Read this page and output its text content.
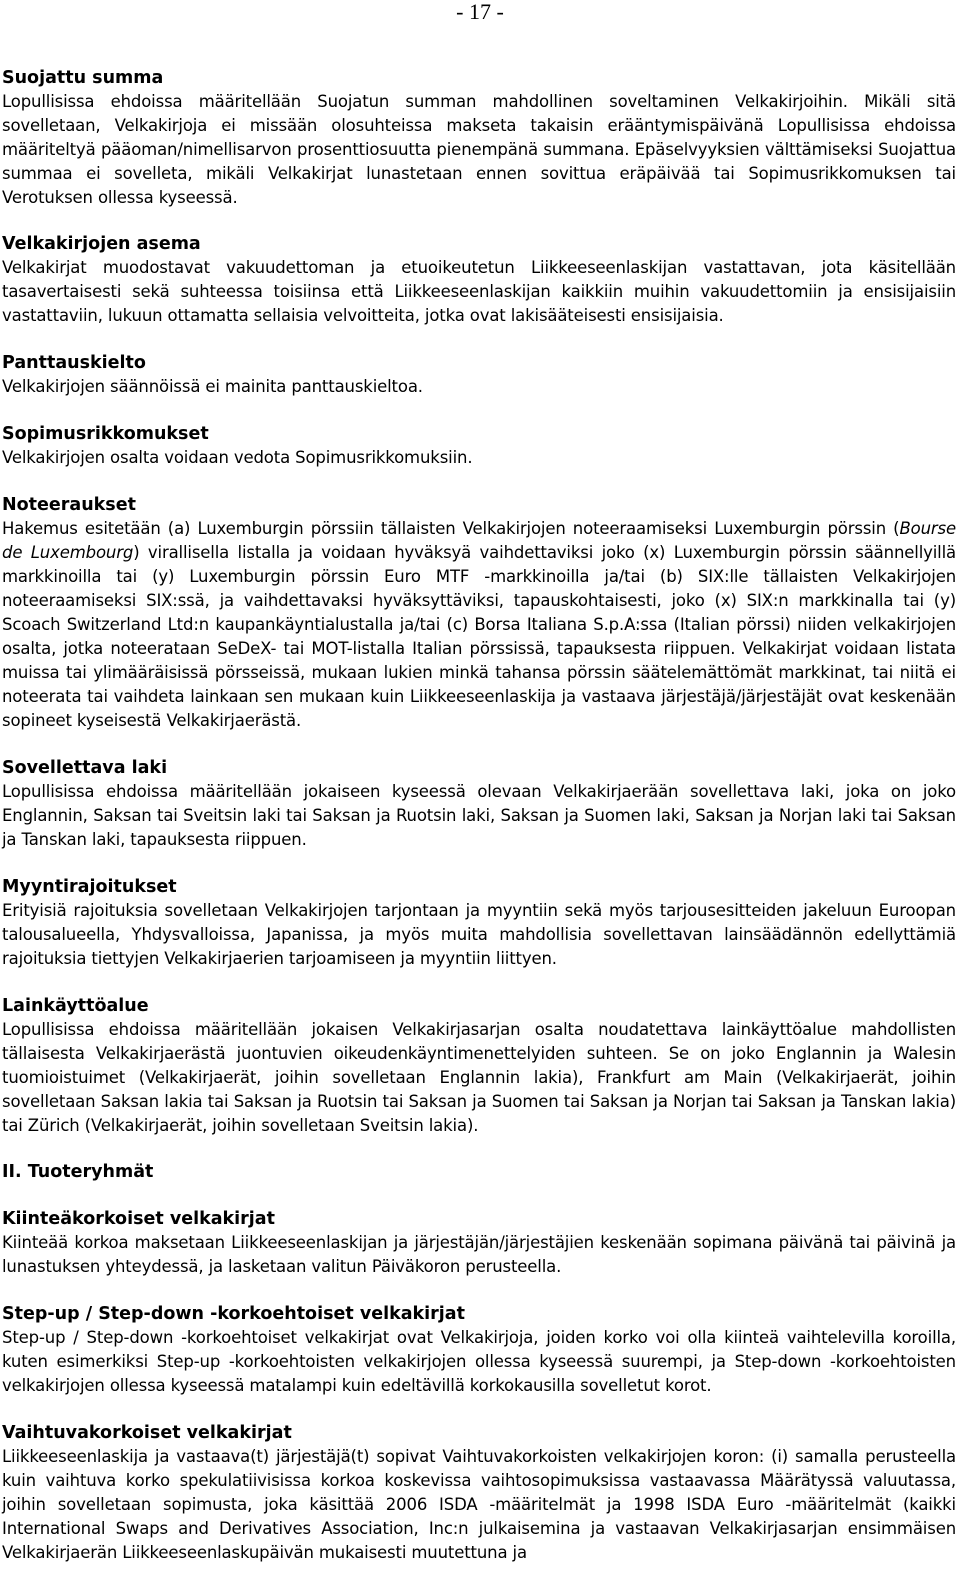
- 17 -

Suojattu summa

Lopullisissa ehdoissa määritellään Suojatun summan mahdollinen soveltaminen Velkakirjoihin. Mikäli sitä sovelletaan, Velkakirjoja ei missään olosuhteissa makseta takaisin erääntymispäivänä Lopullisissa ehdoissa määriteltyä pääoman/nimellisarvon prosenttiosuutta pienempänä summana. Epäselvyyksien välttämiseksi Suojattua summaa ei sovelleta, mikäli Velkakirjat lunastetaan ennen sovittua eräpäivää tai Sopimusrikkomuksen tai Verotuksen ollessa kyseessä.

Velkakirjojen asema

Velkakirjat muodostavat vakuudettoman ja etuoikeutetun Liikkeeseenlaskijan vastattavan, jota käsitellään tasavertaisesti sekä suhteessa toisiinsa että Liikkeeseenlaskijan kaikkiin muihin vakuudettomiin ja ensisijaisiin vastattaviin, lukuun ottamatta sellaisia velvoitteita, jotka ovat lakisääteisesti ensisijaisia.

Panttauskielto

Velkakirjojen säännöissä ei mainita panttauskieltoa.

Sopimusrikkomukset

Velkakirjojen osalta voidaan vedota Sopimusrikkomuksiin.

Noteeraukset

Hakemus esitetään (a) Luxemburgin pörssiin tällaisten Velkakirjojen noteeraamiseksi Luxemburgin pörssin (Bourse de Luxembourg) virallisella listalla ja voidaan hyväksyä vaihdettaviksi joko (x) Luxemburgin pörssin säännellyillä markkinoilla tai (y) Luxemburgin pörssin Euro MTF -markkinoilla ja/tai (b) SIX:lle tällaisten Velkakirjojen noteeraamiseksi SIX:ssä, ja vaihdettavaksi hyväksyttäviksi, tapauskohtaisesti, joko (x) SIX:n markkinalla tai (y) Scoach Switzerland Ltd:n kaupankäyntialustalla ja/tai (c) Borsa Italiana S.p.A:ssa (Italian pörssi) niiden velkakirjojen osalta, jotka noteerataan SeDeX- tai MOT-listalla Italian pörssissä, tapauksesta riippuen. Velkakirjat voidaan listata muissa tai ylimääräisissä pörsseissä, mukaan lukien minkä tahansa pörssin säätelemättömät markkinat, tai niitä ei noteerata tai vaihdeta lainkaan sen mukaan kuin Liikkeeseenlaskija ja vastaava järjestäjä/järjestäjät ovat keskenään sopineet kyseisestä Velkakirjaerästä.

Sovellettava laki

Lopullisissa ehdoissa määritellään jokaiseen kyseessä olevaan Velkakirjaerään sovellettava laki, joka on joko Englannin, Saksan tai Sveitsin laki tai Saksan ja Ruotsin laki, Saksan ja Suomen laki, Saksan ja Norjan laki tai Saksan ja Tanskan laki, tapauksesta riippuen.

Myyntirajoitukset

Erityisiä rajoituksia sovelletaan Velkakirjojen tarjontaan ja myyntiin sekä myös tarjousesitteiden jakeluun Euroopan talousalueella, Yhdysvalloissa, Japanissa, ja myös muita mahdollisia sovellettavan lainsäädännön edellyttämiä rajoituksia tiettyjen Velkakirjaerien tarjoamiseen ja myyntiin liittyen.

Lainkäyttöalue

Lopullisissa ehdoissa määritellään jokaisen Velkakirjasarjan osalta noudatettava lainkäyttöalue mahdollisten tällaisesta Velkakirjaerästä juontuvien oikeudenkäyntimenettelyiden suhteen. Se on joko Englannin ja Walesin tuomioistuimet (Velkakirjaerät, joihin sovelletaan Englannin lakia), Frankfurt am Main (Velkakirjaerät, joihin sovelletaan Saksan lakia tai Saksan ja Ruotsin tai Saksan ja Suomen tai Saksan ja Norjan tai Saksan ja Tanskan lakia) tai Zürich (Velkakirjaerät, joihin sovelletaan Sveitsin lakia).

II. Tuoteryhmät

Kiinteäkorkoiset velkakirjat

Kiinteää korkoa maksetaan Liikkeeseenlaskijan ja järjestäjän/järjestäjien keskenään sopimana päivänä tai päivinä ja lunastuksen yhteydessä, ja lasketaan valitun Päiväkoron perusteella.

Step-up / Step-down -korkoehtoiset velkakirjat

Step-up / Step-down -korkoehtoiset velkakirjat ovat Velkakirjoja, joiden korko voi olla kiinteä vaihtelevilla koroilla, kuten esimerkiksi Step-up -korkoehtoisten velkakirjojen ollessa kyseessä suurempi, ja Step-down -korkoehtoisten velkakirjojen ollessa kyseessä matalampi kuin edeltävillä korkokausilla sovelletut korot.

Vaihtuvakorkoiset velkakirjat

Liikkeeseenlaskija ja vastaava(t) järjestäjä(t) sopivat Vaihtuvakorkoisten velkakirjojen koron: (i) samalla perusteella kuin vaihtuva korko spekulatiivisissa korkoa koskevissa vaihtosopimuksissa vastaavassa Määrätyssä valuutassa, joihin sovelletaan sopimusta, joka käsittää 2006 ISDA -määritelmät ja 1998 ISDA Euro -määritelmät (kaikki International Swaps and Derivatives Association, Inc:n julkaisemina ja vastaavan Velkakirjasarjan ensimmäisen Velkakirjaerän Liikkeeseenlaskupäivän mukaisesti muutettuna ja
